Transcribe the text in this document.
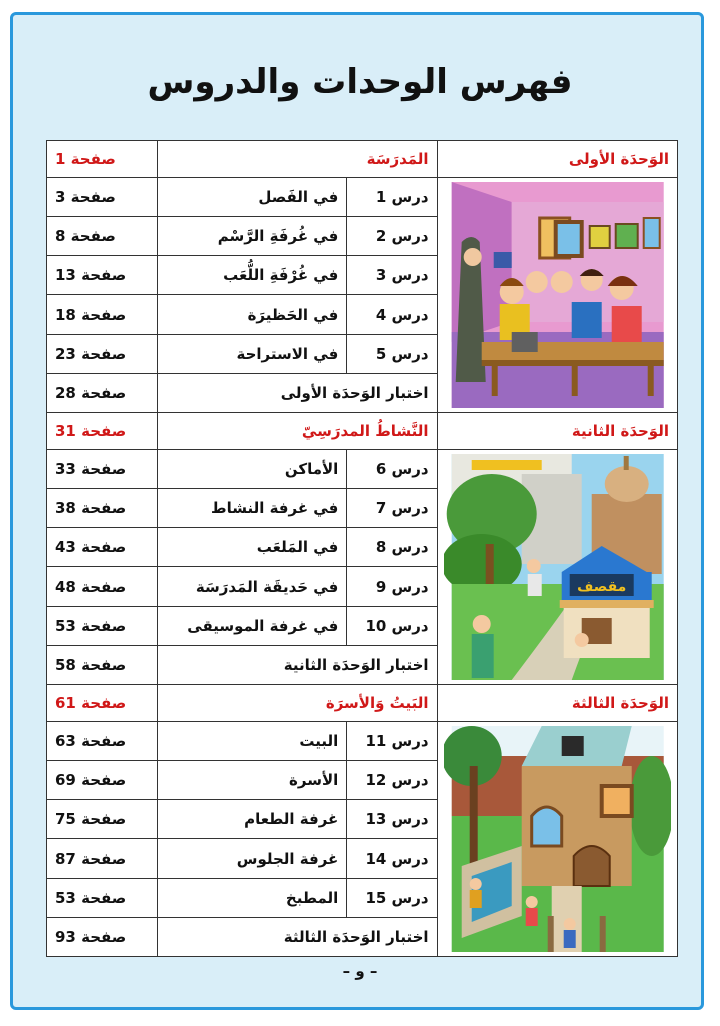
فهرس الوحدات والدروس
الوَحدَة الأولى	المَدرَسَة		صفحة 1

	درس 1	في الفَصل	صفحة 3
	درس 2	في غُرفَةِ الرَّسْم	صفحة 8
	درس 3	في غُرْفَةِ اللُّعَب	صفحة 13
	درس 4	في الحَظيرَة	صفحة 18
	درس 5	في الاستراحة	صفحة 23
	اختبار الوَحدَة الأولى		صفحة 28
الوَحدَة الثانية	النَّشاطُ المدرَسِيّ		صفحة 31

مقصف	درس 6	الأماكن	صفحة 33
	درس 7	في غرفة النشاط	صفحة 38
	درس 8	في المَلعَب	صفحة 43
	درس 9	في حَديقَة المَدرَسَة	صفحة 48
	درس 10	في غرفة الموسيقى	صفحة 53
	اختبار الوَحدَة الثانية		صفحة 58
الوَحدَة الثالثة	البَيتُ وَالأسرَة		صفحة 61

	درس 11	البيت	صفحة 63
	درس 12	الأسرة	صفحة 69
	درس 13	غرفة الطعام	صفحة 75
	درس 14	غرفة الجلوس	صفحة 87
	درس 15	المطبخ	صفحة 53
	اختبار الوَحدَة الثالثة		صفحة 93
– و –
